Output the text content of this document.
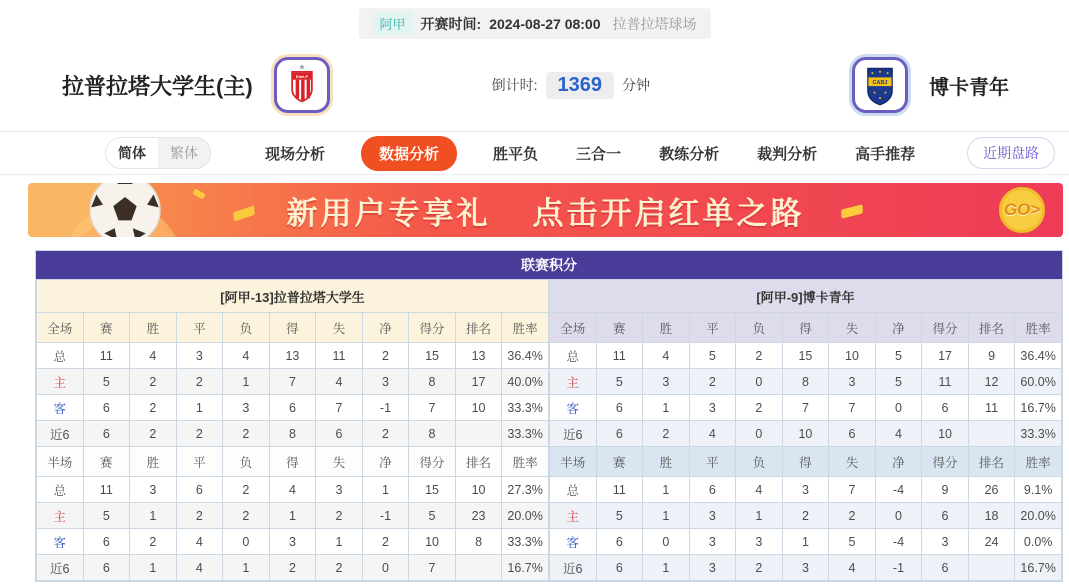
阿甲	开赛时间: 2024-08-27 08:00 拉普拉塔球场
拉普拉塔大学生(主)
★
EdeLP
倒计时:	1369	分钟	CABJ 博卡青年
简体	繁体	现场分析	数据分析	胜平负	三合一	教练分析	裁判分析	高手推荐	近期盘路
新用户专享礼 点击开启红单之路	GO>
联赛积分
[阿甲-13]拉普拉塔大学生										
全场	赛	胜	平	负	得	失	净	得分	排名	胜率
总	11	4	3	4	13	11	2	15	13	36.4%
主	5	2	2	1	7	4	3	8	17	40.0%
客	6	2	1	3	6	7	-1	7	10	33.3%
近6	6	2	2	2	8	6	2	8		33.3%
半场	赛	胜	平	负	得	失	净	得分	排名	胜率
总	11	3	6	2	4	3	1	15	10	27.3%
主	5	1	2	2	1	2	-1	5	23	20.0%
客	6	2	4	0	3	1	2	10	8	33.3%
近6	6	1	4	1	2	2	0	7		16.7%
[阿甲-9]博卡青年										
全场	赛	胜	平	负	得	失	净	得分	排名	胜率
总	11	4	5	2	15	10	5	17	9	36.4%
主	5	3	2	0	8	3	5	11	12	60.0%
客	6	1	3	2	7	7	0	6	11	16.7%
近6	6	2	4	0	10	6	4	10		33.3%
半场	赛	胜	平	负	得	失	净	得分	排名	胜率
总	11	1	6	4	3	7	-4	9	26	9.1%
主	5	1	3	1	2	2	0	6	18	20.0%
客	6	0	3	3	1	5	-4	3	24	0.0%
近6	6	1	3	2	3	4	-1	6		16.7%
